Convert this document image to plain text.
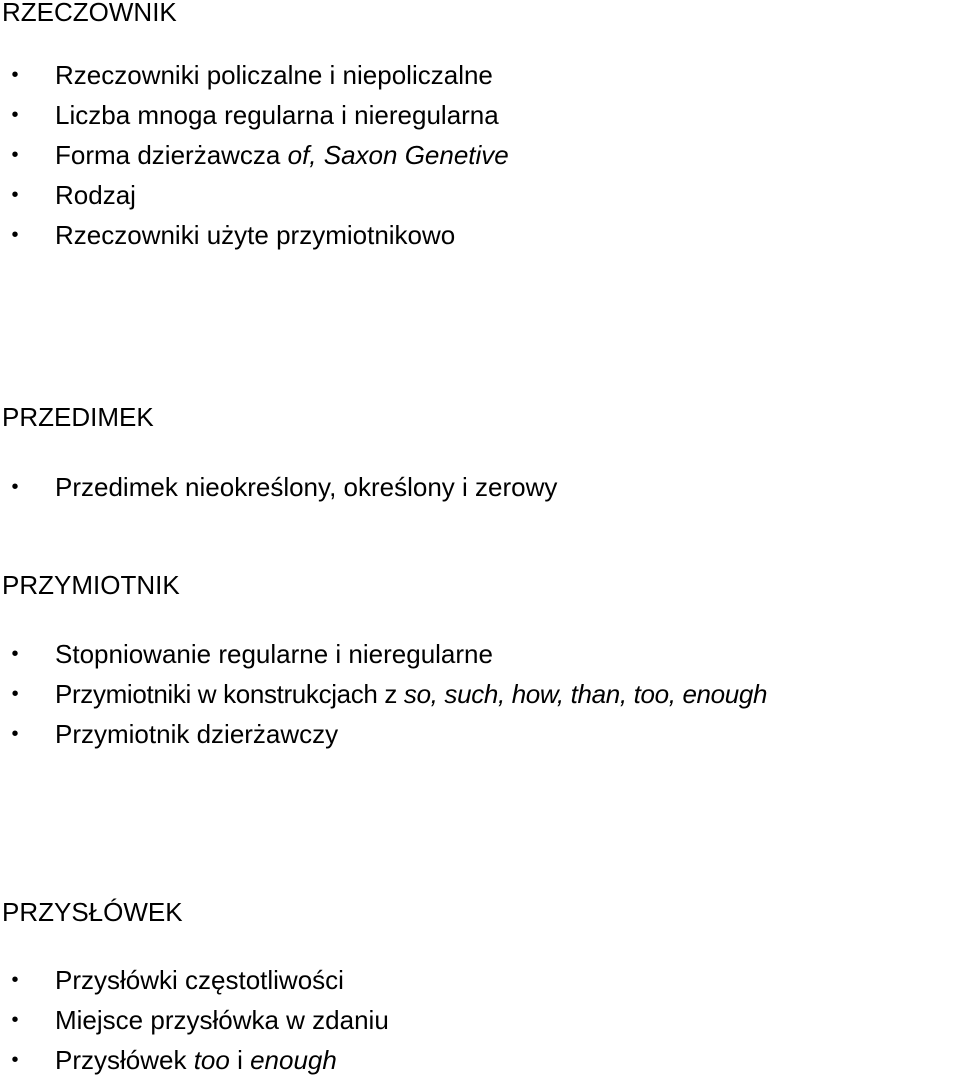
RZECZOWNIK
• Rzeczowniki policzalne i niepoliczalne
• Liczba mnoga regularna i nieregularna
• Forma dzierżawcza of, Saxon Genetive
• Rodzaj
• Rzeczowniki użyte przymiotnikowo
PRZEDIMEK
• Przedimek nieokreślony, określony i zerowy
PRZYMIOTNIK
• Stopniowanie regularne i nieregularne
• Przymiotniki w konstrukcjach z so, such, how, than, too, enough
• Przymiotnik dzierżawczy
PRZYSŁÓWEK
• Przysłówki częstotliwości
• Miejsce przysłówka w zdaniu
• Przysłówek too i enough
